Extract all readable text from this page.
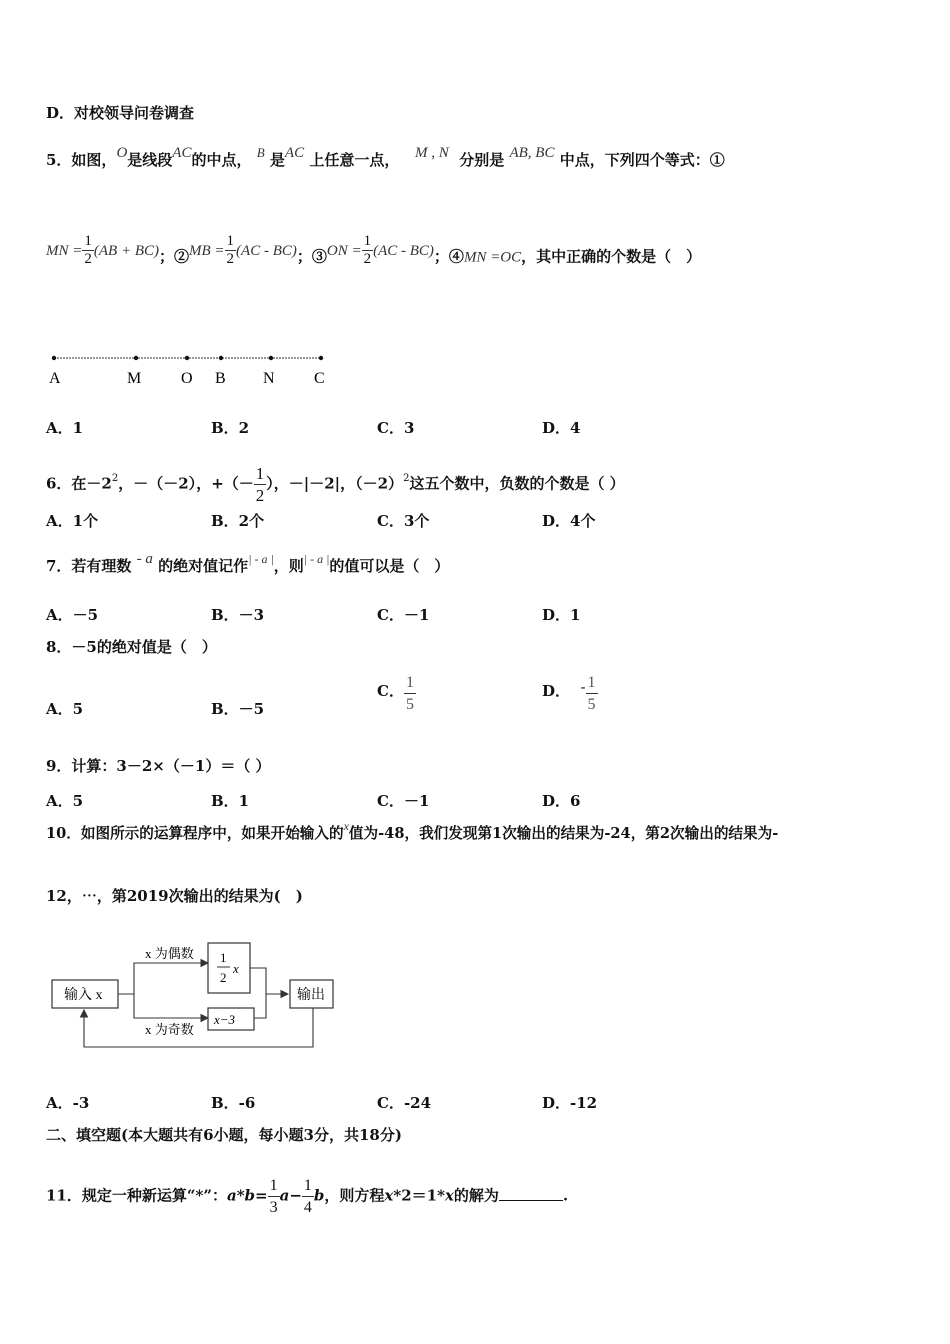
D．对校领导问卷调查
5．如图，O是线段AC的中点， B 是AC 上任意一点， M , N 分别是 AB, BC 中点，下列四个等式：①
MN = $\frac{1}{2} (AB + BC)$；②MB = $\frac{1}{2} (AC - BC)$；③ON = $\frac{1}{2} (AC - BC)$；④MN =OC，其中正确的个数是（　）
A	M O B N C
A．1	B．2	C．3	D．4
6．在$-2^2$，－（－2），+（－ $\frac{1}{2}$ ），－|－2|，$(-2)^2$这五个数中，负数的个数是（ ）
A．1个	B．2个	C．3个	D．4个
7．若有理数 - a 的绝对值记作$^{| - a |}$，则$^{| - a |}$的值可以是（　）
A．－5	B．－3	C．－1	D．1
8．－5的绝对值是（　）
A．5	B．－5
C． $\frac{1}{5}$	D． - $\frac{1}{5}$
9．计算：3－2×（－1）＝（ ）
A．5	B．1	C．－1	D．6
10．如图所示的运算程序中，如果开始输入的$^x$值为-48，我们发现第1次输出的结果为-24，第2次输出的结果为-
12，⋯，第2019次输出的结果为(　)
输入 x
x 为偶数
x 为奇数
1
2
x
x−3
输出
A．-3	B．-6	C．-24	D．-12
二、填空题(本大题共有6小题，每小题3分，共18分)
11．规定一种新运算“*”：$a*b= \frac{1}{3} a- \frac{1}{4}$ b，则方程x*2＝1*x的解为	.
